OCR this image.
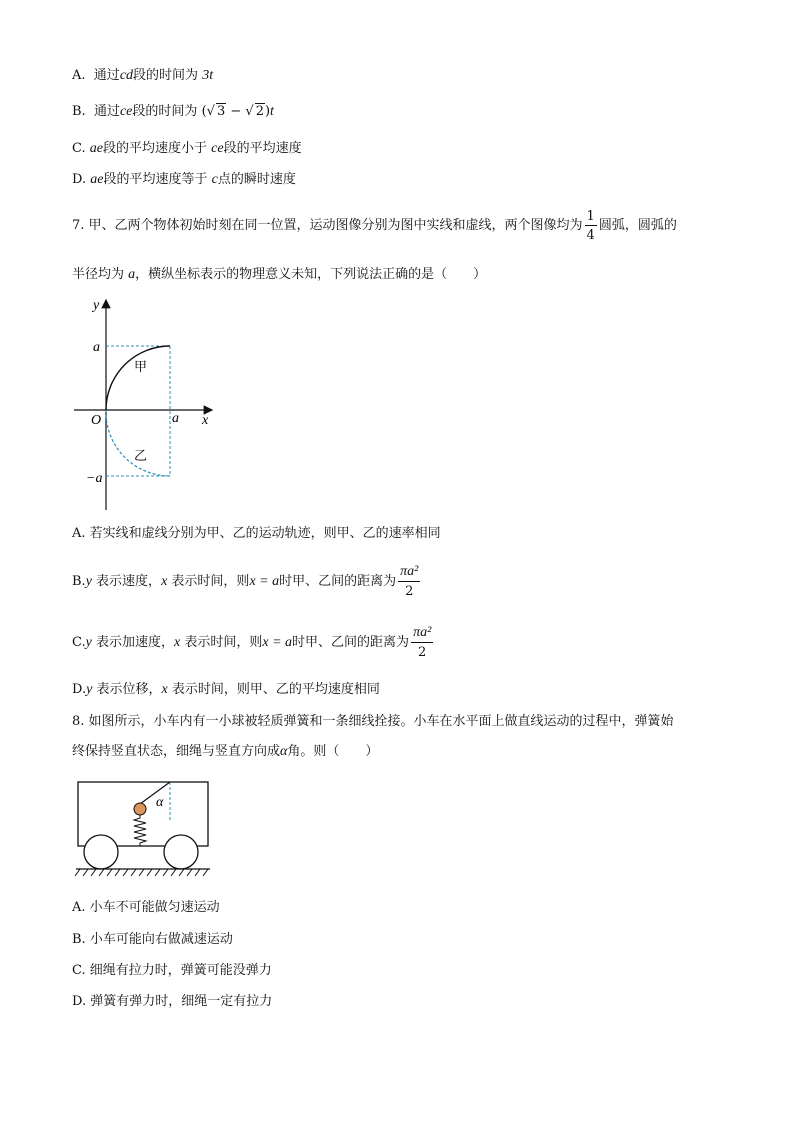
A. 通过cd段的时间为 3t
B. 通过ce段的时间为 (√ 3 − √ 2)t
C. ae段的平均速度小于 ce段的平均速度
D. ae段的平均速度等于 c点的瞬时速度
7. 甲、乙两个物体初始时刻在同一位置，运动图像分别为图中实线和虚线，两个图像均为 $\frac{1}{4}$ 圆弧，圆弧的
半径均为 a，横纵坐标表示的物理意义未知，下列说法正确的是（　　）
y
x
O
a
a
−a
甲
乙
A. 若实线和虚线分别为甲、乙的运动轨迹，则甲、乙的速率相同
B.y 表示速度，x 表示时间，则x = a时甲、乙间的距离为 $\frac{\text{πa²}}{2}$
C.y 表示加速度，x 表示时间，则x = a时甲、乙间的距离为 $\frac{\text{πa²}}{2}$
D.y 表示位移，x 表示时间，则甲、乙的平均速度相同
8. 如图所示，小车内有一小球被轻质弹簧和一条细线拴接。小车在水平面上做直线运动的过程中，弹簧始
终保持竖直状态，细绳与竖直方向成α角。则（　　）
α
A. 小车不可能做匀速运动
B. 小车可能向右做减速运动
C. 细绳有拉力时，弹簧可能没弹力
D. 弹簧有弹力时，细绳一定有拉力
